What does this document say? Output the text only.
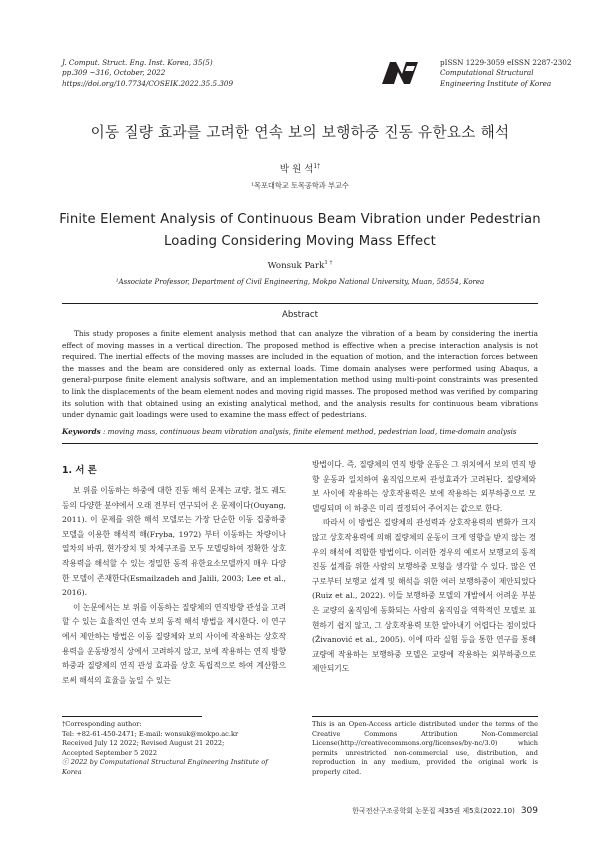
J. Comput. Struct. Eng. Inst. Korea, 35(5)
pp.309 ~316, October, 2022
https://doi.org/10.7734/COSEIK.2022.35.5.309
pISSN 1229-3059 eISSN 2287-2302
Computational Structural
Engineering Institute of Korea
이동 질량 효과를 고려한 연속 보의 보행하중 진동 유한요소 해석
박 원 석$^{1\dagger}$
¹목포대학교 토목공학과 부교수
Finite Element Analysis of Continuous Beam Vibration under Pedestrian
Loading Considering Moving Mass Effect
Wonsuk Park$^{1 \dagger}$
¹Associate Professor, Department of Civil Engineering, Mokpo National University, Muan, 58554, Korea
Abstract

This study proposes a finite element analysis method that can analyze the vibration of a beam by considering the inertia effect of moving masses in a vertical direction. The proposed method is effective when a precise interaction analysis is not required. The inertial effects of the moving masses are included in the equation of motion, and the interaction forces between the masses and the beam are considered only as external loads. Time domain analyses were performed using Abaqus, a general-purpose finite element analysis software, and an implementation method using multi-point constraints was presented to link the displacements of the beam element nodes and moving rigid masses. The proposed method was verified by comparing its solution with that obtained using an existing analytical method, and the analysis results for continuous beam vibrations under dynamic gait loadings were used to examine the mass effect of pedestrians.

Keywords : moving mass, continuous beam vibration analysis, finite element method, pedestrian load, time-domain analysis
1. 서 론

보 위를 이동하는 하중에 대한 진동 해석 문제는 교량, 철도 궤도 등의 다양한 분야에서 오래 전부터 연구되어 온 문제이다(Ouyang, 2011). 이 문제를 위한 해석 모델로는 가장 단순한 이동 집중하중 모델을 이용한 해석적 해(Fryba, 1972) 부터 이동하는 차량이나 열차의 바퀴, 현가장치 및 차체구조를 모두 모델링하여 정확한 상호 작용력을 해석할 수 있는 정밀한 동적 유한요소모델까지 매우 다양한 모델이 존재한다(Esmailzadeh and Jalili, 2003; Lee et al., 2016).

이 논문에서는 보 위를 이동하는 질량체의 연직방향 관성을 고려할 수 있는 효율적인 연속 보의 동적 해석 방법을 제시한다. 이 연구에서 제안하는 방법은 이동 질량체와 보의 사이에 작용하는 상호작용력을 운동방정식 상에서 고려하지 않고, 보에 작용하는 연직 방향 하중과 질량체의 연직 관성 효과를 상호 독립적으로 하여 계산함으로써 해석의 효율을 높일 수 있는

방법이다. 즉, 질량체의 연직 방향 운동은 그 위치에서 보의 연직 방향 운동과 일치하여 움직임으로써 관성효과가 고려된다. 질량체와 보 사이에 작용하는 상호작용력은 보에 작용하는 외부하중으로 모델링되며 이 하중은 미리 결정되어 주어지는 값으로 한다.

따라서 이 방법은 질량체의 관성력과 상호작용력의 변화가 크지 않고 상호작용력에 의해 질량체의 운동이 크게 영향을 받지 않는 경우의 해석에 적합한 방법이다. 이러한 경우의 예로서 보행교의 동적 진동 설계를 위한 사람의 보행하중 모형을 생각할 수 있다. 많은 연구로부터 보행교 설계 및 해석을 위한 여러 보행하중이 제안되었다(Ruiz et al., 2022). 이들 보행하중 모델의 개발에서 어려운 부분은 교량의 움직임에 동화되는 사람의 움직임을 역학적인 모델로 표현하기 쉽지 않고, 그 상호작용력 또한 알아내기 어렵다는 점이었다(Živanović et al., 2005). 이에 따라 실험 등을 통한 연구를 통해 교량에 작용하는 보행하중 모델은 교량에 작용하는 외부하중으로 제안되기도

†Corresponding author:
Tel: +82-61-450-2471; E-mail: wonsuk@mokpo.ac.kr
Received July 12 2022; Revised August 21 2022;
Accepted September 5 2022
ⓒ 2022 by Computational Structural Engineering Institute of Korea

This is an Open-Access article distributed under the terms of the Creative Commons Attribution Non-Commercial License(http://creativecommons.org/licenses/by-nc/3.0) which permits unrestricted non-commercial use, distribution, and reproduction in any medium, provided the original work is properly cited.

한국전산구조공학회 논문집 제35권 제5호(2022.10) 309
